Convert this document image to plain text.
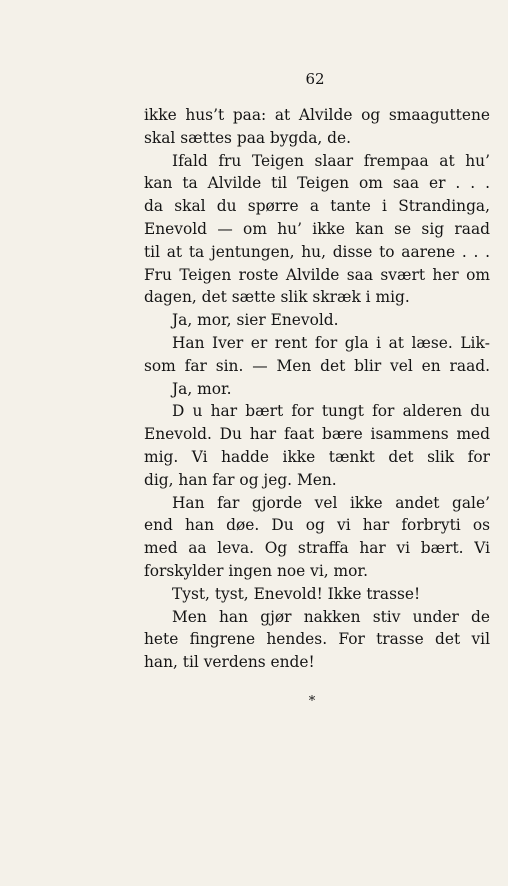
62
ikke hus’t paa: at Alvilde og smaaguttene
skal sættes paa bygda, de.
Ifald fru Teigen slaar frempaa at hu’
kan ta Alvilde til Teigen om saa er . . .
da skal du spørre a tante i Strandinga,
Enevold — om hu’ ikke kan se sig raad
til at ta jentungen, hu, disse to aarene . . .
Fru Teigen roste Alvilde saa svært her om
dagen, det sætte slik skræk i mig.
Ja, mor, sier Enevold.
Han Iver er rent for gla i at læse. Lik‑
som far sin. — Men det blir vel en raad.
Ja, mor.
D u har bært for tungt for alderen du
Enevold. Du har faat bære isammens med
mig. Vi hadde ikke tænkt det slik for
dig, han far og jeg. Men.
Han far gjorde vel ikke andet gale’
end han døe. Du og vi har forbryti os
med aa leva. Og straffa har vi bært. Vi
forskylder ingen noe vi, mor.
Tyst, tyst, Enevold! Ikke trasse!
Men han gjør nakken stiv under de
hete fingrene hendes. For trasse det vil
han, til verdens ende!
*
